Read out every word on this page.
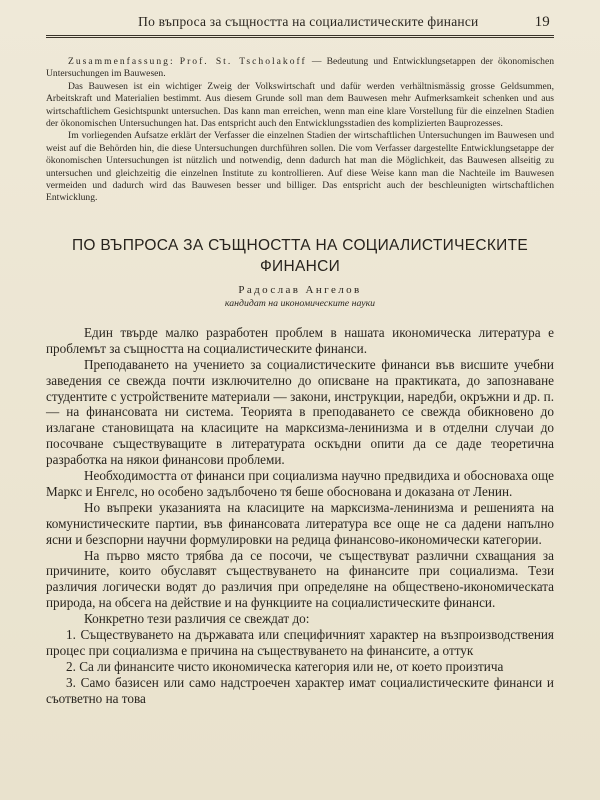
По въпроса за същността на социалистическите финанси	19

Zusammenfassung: Prof. St. Tscholakoff — Bedeutung und Entwicklungsetappen der ökonomischen Untersuchungen im Bauwesen.

Das Bauwesen ist ein wichtiger Zweig der Volkswirtschaft und dafür werden verhältnismässig grosse Geldsummen, Arbeitskraft und Materialien bestimmt. Aus diesem Grunde soll man dem Bauwesen mehr Aufmerksamkeit schenken und aus wirtschaftlichem Gesichtspunkt untersuchen. Das kann man erreichen, wenn man eine klare Vorstellung für die einzelnen Stadien der ökonomischen Untersuchungen hat. Das entspricht auch den Entwicklungsstadien des komplizierten Bauprozesses.

Im vorliegenden Aufsatze erklärt der Verfasser die einzelnen Stadien der wirtschaftlichen Untersuchungen im Bauwesen und weist auf die Behörden hin, die diese Untersuchungen durchführen sollen. Die vom Verfasser dargestellte Entwicklungsetappe der ökonomischen Untersuchungen ist nützlich und notwendig, denn dadurch hat man die Möglichkeit, das Bauwesen allseitig zu untersuchen und gleichzeitig die einzelnen Institute zu kontrollieren. Auf diese Weise kann man die Nachteile im Bauwesen vermeiden und dadurch wird das Bauwesen besser und billiger. Das entspricht auch der beschleunigten wirtschaftlichen Entwicklung.

ПО ВЪПРОСА ЗА СЪЩНОСТТА НА СОЦИАЛИСТИЧЕСКИТЕ ФИНАНСИ
Радослав Ангелов
кандидат на икономическите науки

Един твърде малко разработен проблем в нашата икономическа литература е проблемът за същността на социалистическите финанси.

Преподаването на учението за социалистическите финанси във висшите учебни заведения се свежда почти изключително до описване на практиката, до запознаване студентите с устройствените материали — закони, инструкции, наредби, окръжни и др. п. — на финансовата ни система. Теорията в преподаването се свежда обикновено до излагане становищата на класиците на марксизма-ленинизма и в отделни случаи до посочване съществуващите в литературата оскъдни опити да се даде теоретична разработка на някои финансови проблеми.

Необходимостта от финанси при социализма научно предвидиха и обосноваха още Маркс и Енгелс, но особено задълбочено тя беше обоснована и доказана от Ленин.

Но въпреки указанията на класиците на марксизма-ленинизма и решенията на комунистическите партии, във финансовата литература все още не са дадени напълно ясни и безспорни научни формулировки на редица финансово-икономически категории.

На първо място трябва да се посочи, че съществуват различни схващания за причините, които обуславят съществуването на финансите при социализма. Тези различия логически водят до различия при определяне на обществено-икономическата природа, на обсега на действие и на функциите на социалистическите финанси.

Конкретно тези различия се свеждат до:

1. Съществуването на държавата или специфичният характер на възпроизводствения процес при социализма е причина на съществуването на финансите, а оттук

2. Са ли финансите чисто икономическа категория или не, от което произтича

3. Само базисен или само надстроечен характер имат социалистическите финанси и съответно на това
